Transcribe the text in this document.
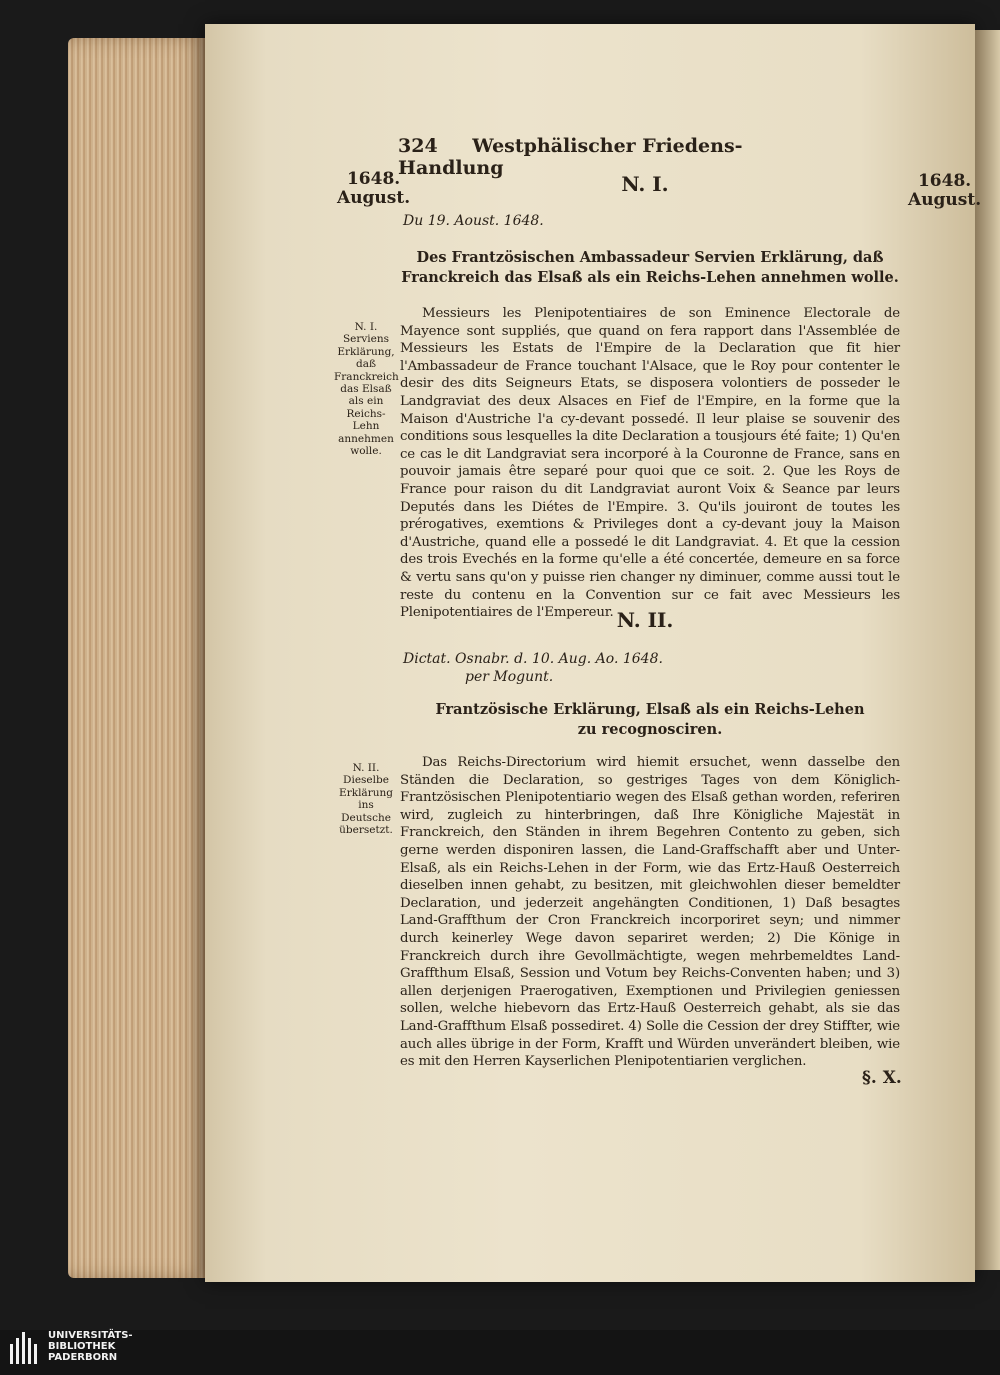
324 Westphälischer Friedens-Handlung
1648.
August.
1648.
August.
N. I.
Du 19. Aoust. 1648.
Des Frantzösischen Ambassadeur Servien Erklärung, daß Franckreich das Elsaß als ein Reichs-Lehen annehmen wolle.
N. I. Serviens Erklärung, daß Franckreich das Elsaß als ein Reichs-Lehn annehmen wolle.
Messieurs les Plenipotentiaires de son Eminence Electorale de Mayence sont suppliés, que quand on fera rapport dans l'Assemblée de Messieurs les Estats de l'Empire de la Declaration que fit hier l'Ambassadeur de France touchant l'Alsace, que le Roy pour contenter le desir des dits Seigneurs Etats, se disposera volontiers de posseder le Landgraviat des deux Alsaces en Fief de l'Empire, en la forme que la Maison d'Austriche l'a cy-devant possedé. Il leur plaise se souvenir des conditions sous lesquelles la dite Declaration a tousjours été faite; 1) Qu'en ce cas le dit Landgraviat sera incorporé à la Couronne de France, sans en pouvoir jamais être separé pour quoi que ce soit. 2. Que les Roys de France pour raison du dit Landgraviat auront Voix & Seance par leurs Deputés dans les Diétes de l'Empire. 3. Qu'ils jouiront de toutes les prérogatives, exemtions & Privileges dont a cy-devant jouy la Maison d'Austriche, quand elle a possedé le dit Landgraviat. 4. Et que la cession des trois Evechés en la forme qu'elle a été concertée, demeure en sa force & vertu sans qu'on y puisse rien changer ny diminuer, comme aussi tout le reste du contenu en la Convention sur ce fait avec Messieurs les Plenipotentiaires de l'Empereur. N. II.
Dictat. Osnabr. d. 10. Aug. Ao. 1648.
per Mogunt.
Frantzösische Erklärung, Elsaß als ein Reichs-Lehen zu recognosciren.
N. II. Dieselbe Erklärung ins Deutsche übersetzt.
Das Reichs-Directorium wird hiemit ersuchet, wenn dasselbe den Ständen die Declaration, so gestriges Tages von dem Königlich-Frantzösischen Plenipotentiario wegen des Elsaß gethan worden, referiren wird, zugleich zu hinterbringen, daß Ihre Königliche Majestät in Franckreich, den Ständen in ihrem Begehren Contento zu geben, sich gerne werden disponiren lassen, die Land-Graffschafft aber und Unter-Elsaß, als ein Reichs-Lehen in der Form, wie das Ertz-Hauß Oesterreich dieselben innen gehabt, zu besitzen, mit gleichwohlen dieser bemeldter Declaration, und jederzeit angehängten Conditionen, 1) Daß besagtes Land-Graffthum der Cron Franckreich incorporiret seyn; und nimmer durch keinerley Wege davon separiret werden; 2) Die Könige in Franckreich durch ihre Gevollmächtigte, wegen mehrbemeldtes Land-Graffthum Elsaß, Session und Votum bey Reichs-Conventen haben; und 3) allen derjenigen Praerogativen, Exemptionen und Privilegien geniessen sollen, welche hiebevorn das Ertz-Hauß Oesterreich gehabt, als sie das Land-Graffthum Elsaß possediret. 4) Solle die Cession der drey Stiffter, wie auch alles übrige in der Form, Krafft und Würden unverändert bleiben, wie es mit den Herren Kayserlichen Plenipotentiarien verglichen.
§. X.
UNIVERSITÄTS-
BIBLIOTHEK
PADERBORN
